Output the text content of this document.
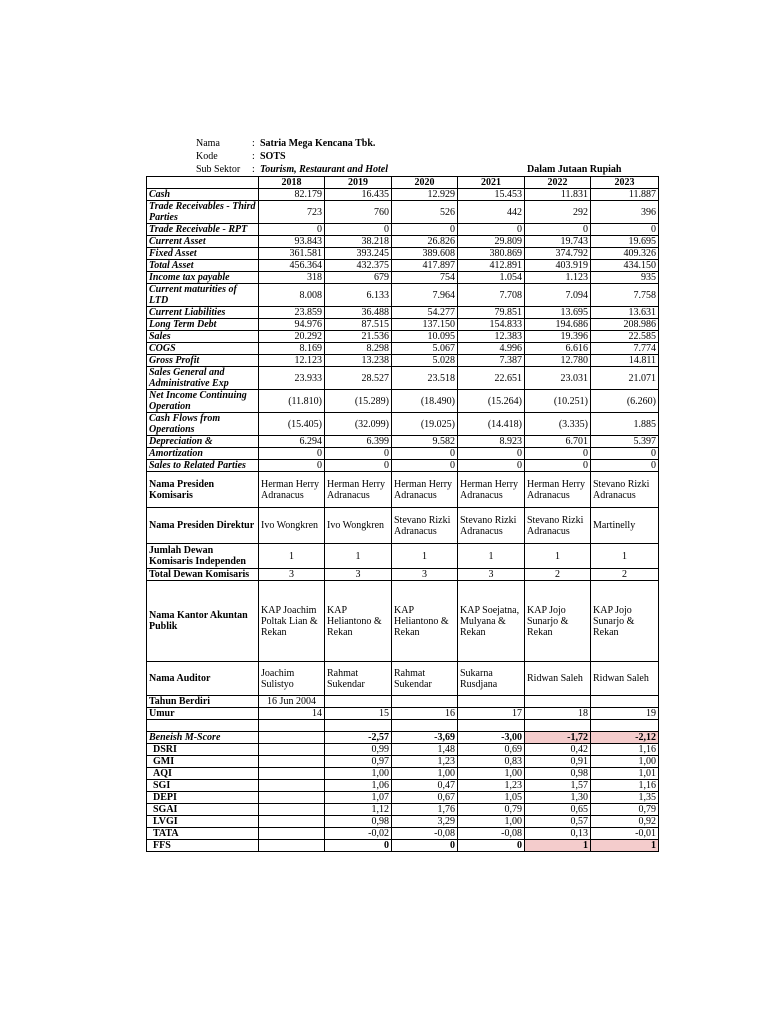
Nama	: Satria Mega Kencana Tbk.
Kode	: SOTS
Sub Sektor : Tourism, Restaurant and Hotel	Dalam Jutaan Rupiah
	2018	2019	2020	2021	2022	2023
Cash	82.179	16.435	12.929	15.453	11.831	11.887
Trade Receivables - Third Parties	723	760	526	442	292	396
Trade Receivable - RPT	0	0	0	0	0	0
Current Asset	93.843	38.218	26.826	29.809	19.743	19.695
Fixed Asset	361.581	393.245	389.608	380.869	374.792	409.326
Total Asset	456.364	432.375	417.897	412.891	403.919	434.150
Income tax payable	318	679	754	1.054	1.123	935
Current maturities of LTD	8.008	6.133	7.964	7.708	7.094	7.758
Current Liabilities	23.859	36.488	54.277	79.851	13.695	13.631
Long Term Debt	94.976	87.515	137.150	154.833	194.686	208.986
Sales	20.292	21.536	10.095	12.383	19.396	22.585
COGS	8.169	8.298	5.067	4.996	6.616	7.774
Gross Profit	12.123	13.238	5.028	7.387	12.780	14.811
Sales General and Administrative Exp	23.933	28.527	23.518	22.651	23.031	21.071
Net Income Continuing Operation	(11.810)	(15.289)	(18.490)	(15.264)	(10.251)	(6.260)
Cash Flows from Operations	(15.405)	(32.099)	(19.025)	(14.418)	(3.335)	1.885
Depreciation &	6.294	6.399	9.582	8.923	6.701	5.397
Amortization	0	0	0	0	0	0
Sales to Related Parties	0	0	0	0	0	0
Nama Presiden Komisaris	Herman Herry Adranacus	Herman Herry Adranacus	Herman Herry Adranacus	Herman Herry Adranacus	Herman Herry Adranacus	Stevano Rizki Adranacus
Nama Presiden Direktur	Ivo Wongkren	Ivo Wongkren	Stevano Rizki Adranacus	Stevano Rizki Adranacus	Stevano Rizki Adranacus	Martinelly
Jumlah Dewan Komisaris Independen	1	1	1	1	1	1
Total Dewan Komisaris	3	3	3	3	2	2
Nama Kantor Akuntan Publik	KAP Joachim Poltak Lian & Rekan	KAP Heliantono & Rekan	KAP Heliantono & Rekan	KAP Soejatna, Mulyana & Rekan	KAP Jojo Sunarjo & Rekan	KAP Jojo Sunarjo & Rekan
Nama Auditor	Joachim Sulistyo	Rahmat Sukendar	Rahmat Sukendar	Sukarna Rusdjana	Ridwan Saleh	Ridwan Saleh
Tahun Berdiri	16 Jun 2004					
Umur	14	15	16	17	18	19

Beneish M-Score		-2,57	-3,69	-3,00	-1,72	-2,12
DSRI		0,99	1,48	0,69	0,42	1,16
GMI		0,97	1,23	0,83	0,91	1,00
AQI		1,00	1,00	1,00	0,98	1,01
SGI		1,06	0,47	1,23	1,57	1,16
DEPI		1,07	0,67	1,05	1,30	1,35
SGAI		1,12	1,76	0,79	0,65	0,79
LVGI		0,98	3,29	1,00	0,57	0,92
TATA		-0,02	-0,08	-0,08	0,13	-0,01
FFS		0	0	0	1	1
